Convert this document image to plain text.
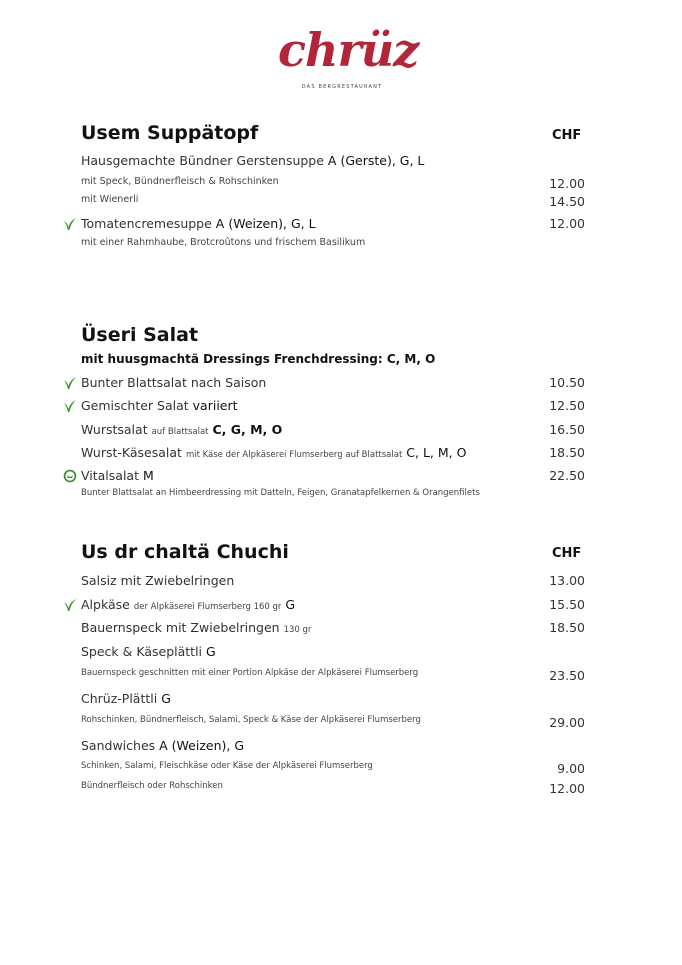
chrüz
DAS BERGRESTAURANT
Usem Suppätopf	CHF
Hausgemachte Bündner Gerstensuppe A (Gerste), G, L
mit Speck, Bündnerfleisch & Rohschinken	12.00
mit Wienerli	14.50
Tomatencremesuppe A (Weizen), G, L	12.00
mit einer Rahmhaube, Brotcroûtons und frischem Basilikum
Üseri Salat
mit huusgmachtä Dressings Frenchdressing: C, M, O
Bunter Blattsalat nach Saison	10.50
Gemischter Salat variiert	12.50
Wurstsalat auf Blattsalat C, G, M, O	16.50
Wurst-Käsesalat mit Käse der Alpkäserei Flumserberg auf Blattsalat C, L, M, O	18.50
Vitalsalat M	22.50
Bunter Blattsalat an Himbeerdressing mit Datteln, Feigen, Granatapfelkernen & Orangenfilets
Us dr chaltä Chuchi	CHF
Salsiz mit Zwiebelringen	13.00
Alpkäse der Alpkäserei Flumserberg 160 gr G	15.50
Bauernspeck mit Zwiebelringen 130 gr	18.50
Speck & Käseplättli G
Bauernspeck geschnitten mit einer Portion Alpkäse der Alpkäserei Flumserberg	23.50
Chrüz-Plättli G
Rohschinken, Bündnerfleisch, Salami, Speck & Käse der Alpkäserei Flumserberg	29.00
Sandwiches A (Weizen), G
Schinken, Salami, Fleischkäse oder Käse der Alpkäserei Flumserberg	9.00
Bündnerfleisch oder Rohschinken	12.00
